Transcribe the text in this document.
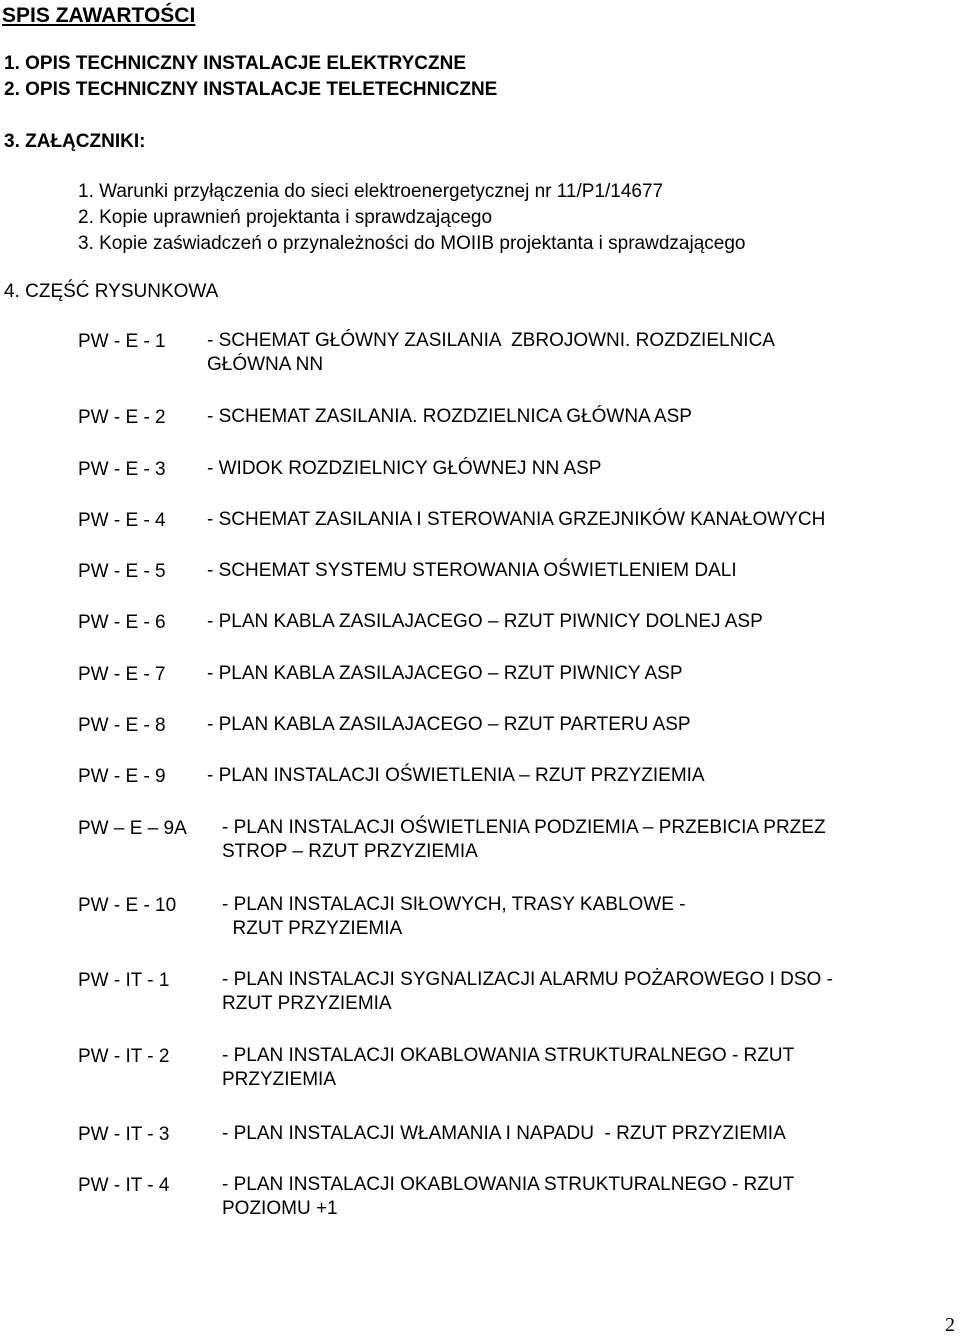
SPIS ZAWARTOŚCI
1. OPIS TECHNICZNY INSTALACJE ELEKTRYCZNE
2. OPIS TECHNICZNY INSTALACJE TELETECHNICZNE
3. ZAŁĄCZNIKI:
1. Warunki przyłączenia do sieci elektroenergetycznej nr 11/P1/14677
2. Kopie uprawnień projektanta i sprawdzającego
3. Kopie zaświadczeń o przynależności do MOIIB projektanta i sprawdzającego
4. CZĘŚĆ RYSUNKOWA
PW - E - 1 - SCHEMAT GŁÓWNY ZASILANIA  ZBROJOWNI. ROZDZIELNICA
GŁÓWNA NN
PW - E - 2 - SCHEMAT ZASILANIA. ROZDZIELNICA GŁÓWNA ASP
PW - E - 3 - WIDOK ROZDZIELNICY GŁÓWNEJ NN ASP
PW - E - 4 - SCHEMAT ZASILANIA I STEROWANIA GRZEJNIKÓW KANAŁOWYCH
PW - E - 5 - SCHEMAT SYSTEMU STEROWANIA OŚWIETLENIEM DALI
PW - E - 6 - PLAN KABLA ZASILAJACEGO – RZUT PIWNICY DOLNEJ ASP
PW - E - 7 - PLAN KABLA ZASILAJACEGO – RZUT PIWNICY ASP
PW - E - 8 - PLAN KABLA ZASILAJACEGO – RZUT PARTERU ASP
PW - E - 9 - PLAN INSTALACJI OŚWIETLENIA – RZUT PRZYZIEMIA
PW – E – 9A - PLAN INSTALACJI OŚWIETLENIA PODZIEMIA – PRZEBICIA PRZEZ
STROP – RZUT PRZYZIEMIA
PW - E - 10 - PLAN INSTALACJI SIŁOWYCH, TRASY KABLOWE -
RZUT PRZYZIEMIA
PW - IT - 1	- PLAN INSTALACJI SYGNALIZACJI ALARMU POŻAROWEGO I DSO -
RZUT PRZYZIEMIA
PW - IT - 2	- PLAN INSTALACJI OKABLOWANIA STRUKTURALNEGO - RZUT
PRZYZIEMIA
PW - IT - 3	- PLAN INSTALACJI WŁAMANIA I NAPADU  - RZUT PRZYZIEMIA
PW - IT - 4	- PLAN INSTALACJI OKABLOWANIA STRUKTURALNEGO - RZUT
POZIOMU +1
2
